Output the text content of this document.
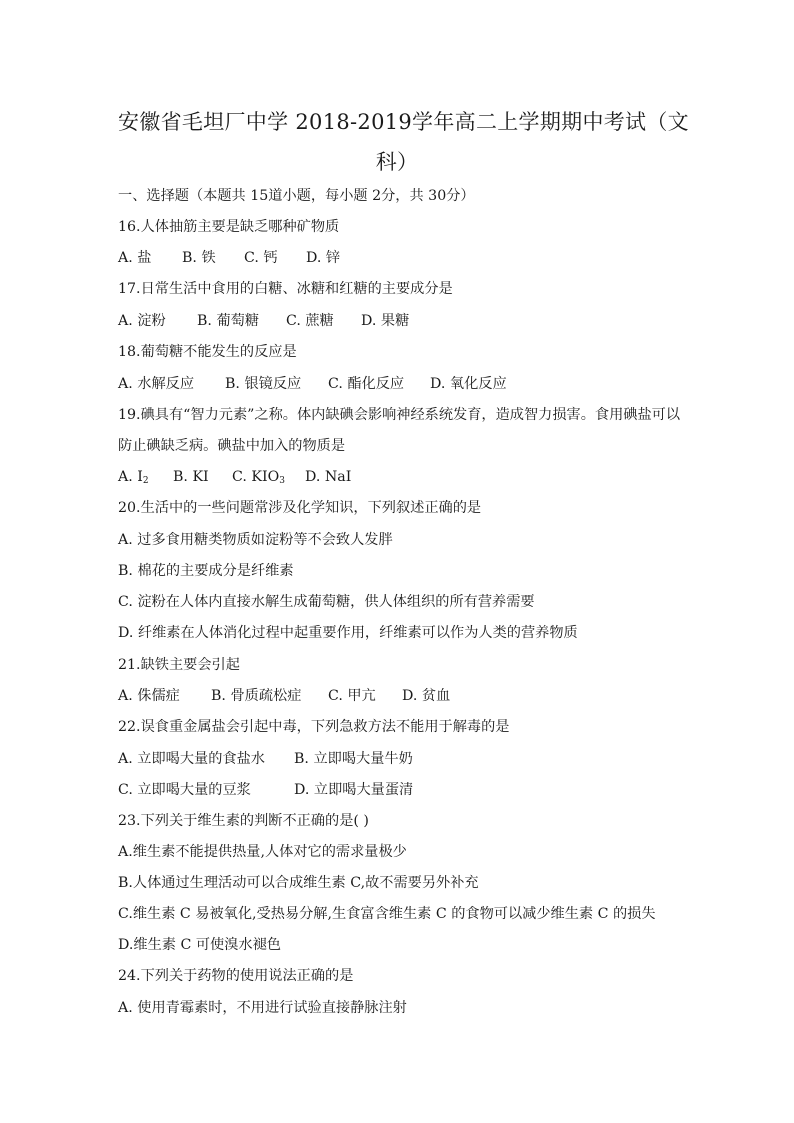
安徽省毛坦厂中学 2018-2019学年高二上学期期中考试（文
科）
一、选择题（本题共 15道小题，每小题 2分，共 30分）
16.人体抽筋主要是缺乏哪种矿物质
A. 盐 B. 铁 C. 钙 D. 锌
17.日常生活中食用的白糖、冰糖和红糖的主要成分是
A. 淀粉 B. 葡萄糖 C. 蔗糖 D. 果糖
18.葡萄糖不能发生的反应是
A. 水解反应 B. 银镜反应 C. 酯化反应 D. 氧化反应
19.碘具有“智力元素”之称。体内缺碘会影响神经系统发育，造成智力损害。食用碘盐可以
防止碘缺乏病。碘盐中加入的物质是
A. $I_2$ B. KI C. $KIO_3$ D. NaI
20.生活中的一些问题常涉及化学知识，下列叙述正确的是
A. 过多食用糖类物质如淀粉等不会致人发胖
B. 棉花的主要成分是纤维素
C. 淀粉在人体内直接水解生成葡萄糖，供人体组织的所有营养需要
D. 纤维素在人体消化过程中起重要作用，纤维素可以作为人类的营养物质
21.缺铁主要会引起
A. 侏儒症 B. 骨质疏松症 C. 甲亢 D. 贫血
22.误食重金属盐会引起中毒，下列急救方法不能用于解毒的是
A. 立即喝大量的食盐水 B. 立即喝大量牛奶
C. 立即喝大量的豆浆	D. 立即喝大量蛋清
23.下列关于维生素的判断不正确的是( )
A.维生素不能提供热量,人体对它的需求量极少
B.人体通过生理活动可以合成维生素 C,故不需要另外补充
C.维生素 C 易被氧化,受热易分解,生食富含维生素 C 的食物可以减少维生素 C 的损失
D.维生素 C 可使溴水褪色
24.下列关于药物的使用说法正确的是
A. 使用青霉素时，不用进行试验直接静脉注射
